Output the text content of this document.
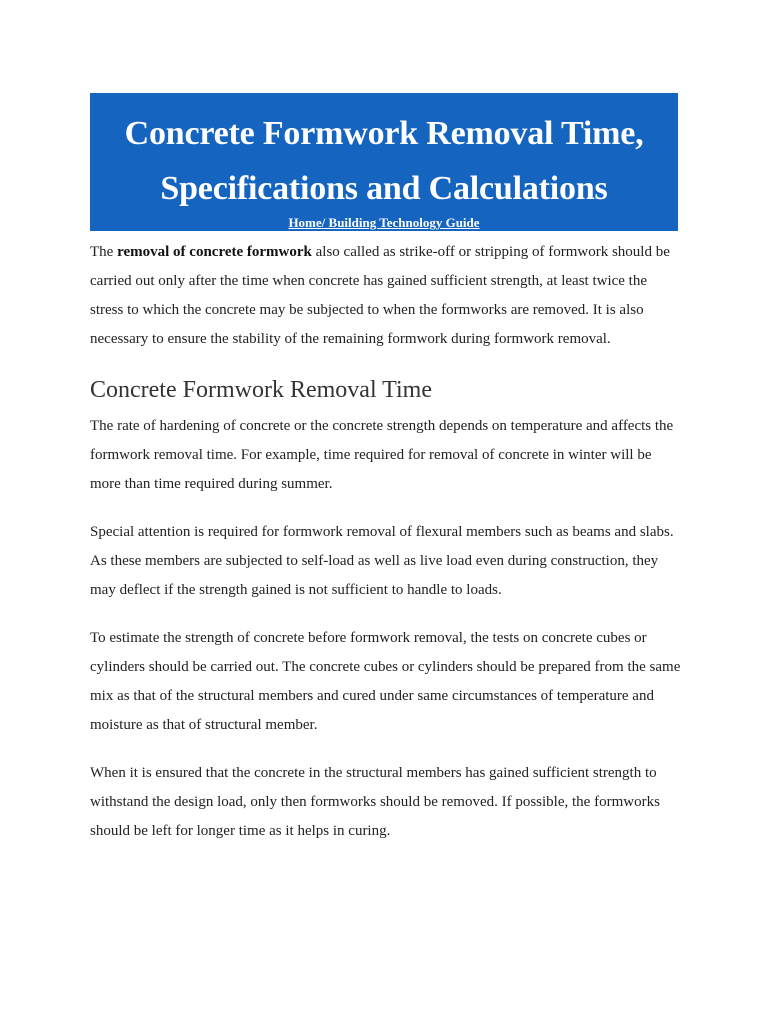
Concrete Formwork Removal Time,
Specifications and Calculations
Home/ Building Technology Guide

The removal of concrete formwork also called as strike-off or stripping of formwork should be carried out only after the time when concrete has gained sufficient strength, at least twice the stress to which the concrete may be subjected to when the formworks are removed. It is also necessary to ensure the stability of the remaining formwork during formwork removal.

Concrete Formwork Removal Time

The rate of hardening of concrete or the concrete strength depends on temperature and affects the formwork removal time. For example, time required for removal of concrete in winter will be more than time required during summer.

Special attention is required for formwork removal of flexural members such as beams and slabs. As these members are subjected to self-load as well as live load even during construction, they may deflect if the strength gained is not sufficient to handle to loads.

To estimate the strength of concrete before formwork removal, the tests on concrete cubes or cylinders should be carried out. The concrete cubes or cylinders should be prepared from the same mix as that of the structural members and cured under same circumstances of temperature and moisture as that of structural member.

When it is ensured that the concrete in the structural members has gained sufficient strength to withstand the design load, only then formworks should be removed. If possible, the formworks should be left for longer time as it helps in curing.
